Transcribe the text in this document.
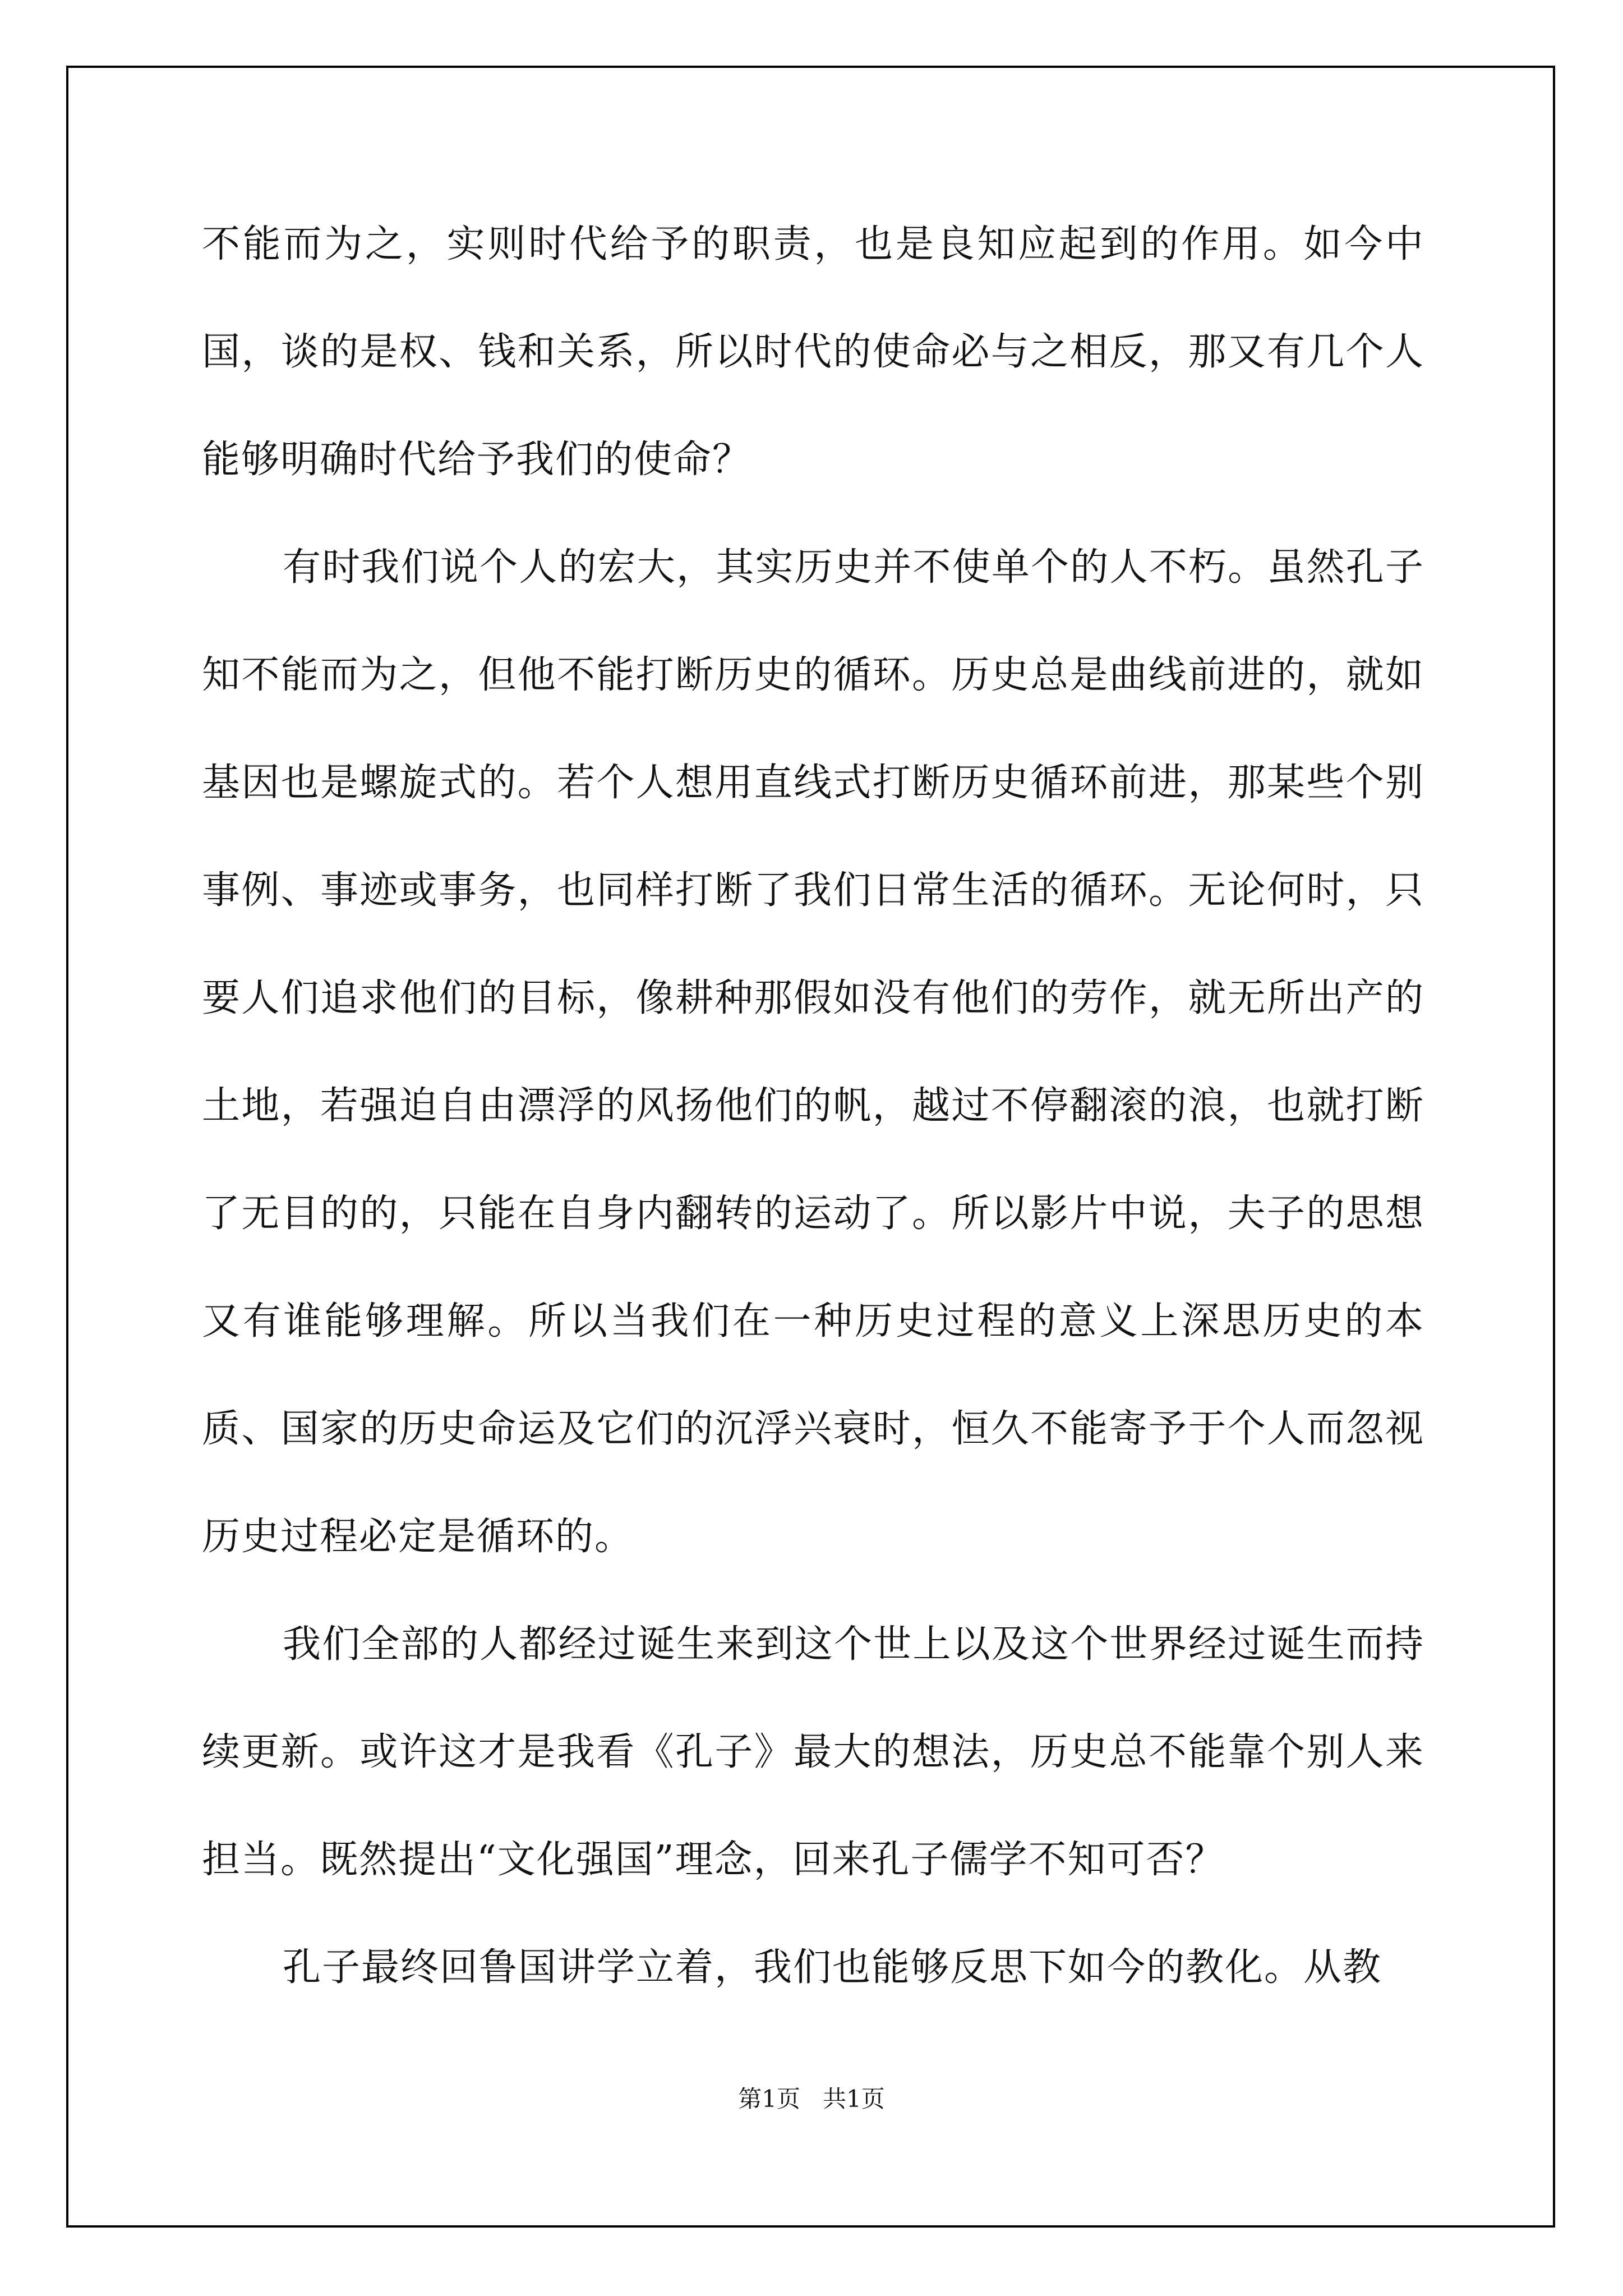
不能而为之，实则时代给予的职责，也是良知应起到的作用。如今中国，谈的是权、钱和关系，所以时代的使命必与之相反，那又有几个人能够明确时代给予我们的使命？

有时我们说个人的宏大，其实历史并不使单个的人不朽。虽然孔子知不能而为之，但他不能打断历史的循环。历史总是曲线前进的，就如基因也是螺旋式的。若个人想用直线式打断历史循环前进，那某些个别事例、事迹或事务，也同样打断了我们日常生活的循环。无论何时，只要人们追求他们的目标，像耕种那假如没有他们的劳作，就无所出产的土地，若强迫自由漂浮的风扬他们的帆，越过不停翻滚的浪，也就打断了无目的的，只能在自身内翻转的运动了。所以影片中说，夫子的思想又有谁能够理解。所以当我们在一种历史过程的意义上深思历史的本质、国家的历史命运及它们的沉浮兴衰时，恒久不能寄予于个人而忽视历史过程必定是循环的。

我们全部的人都经过诞生来到这个世上以及这个世界经过诞生而持续更新。或许这才是我看《孔子》最大的想法，历史总不能靠个别人来担当。既然提出“文化强国”理念，回来孔子儒学不知可否？

孔子最终回鲁国讲学立着，我们也能够反思下如今的教化。从教

第1页 共1页
